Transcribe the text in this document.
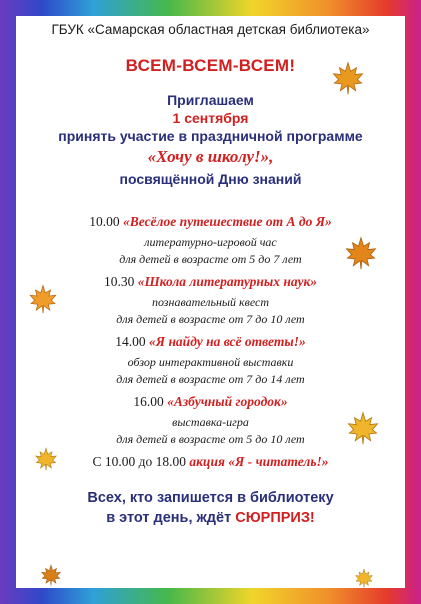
ГБУК «Самарская областная детская библиотека»
ВСЕМ-ВСЕМ-ВСЕМ!
Приглашаем
1 сентября
принять участие в праздничной программе
«Хочу в школу!»,
посвящённой Дню знаний
10.00 «Весёлое путешествие от А до Я»
литературно-игровой час
для детей в возрасте от 5 до 7 лет
10.30 «Школа литературных наук»
познавательный квест
для детей в возрасте от 7 до 10 лет
14.00 «Я найду на всё ответы!»
обзор интерактивной выставки
для детей в возрасте от 7 до 14 лет
16.00 «Азбучный городок»
выставка-игра
для детей в возрасте от 5 до 10 лет
С 10.00 до 18.00 акция «Я - читатель!»
Всех, кто запишется в библиотеку
в этот день, ждёт СЮРПРИЗ!
